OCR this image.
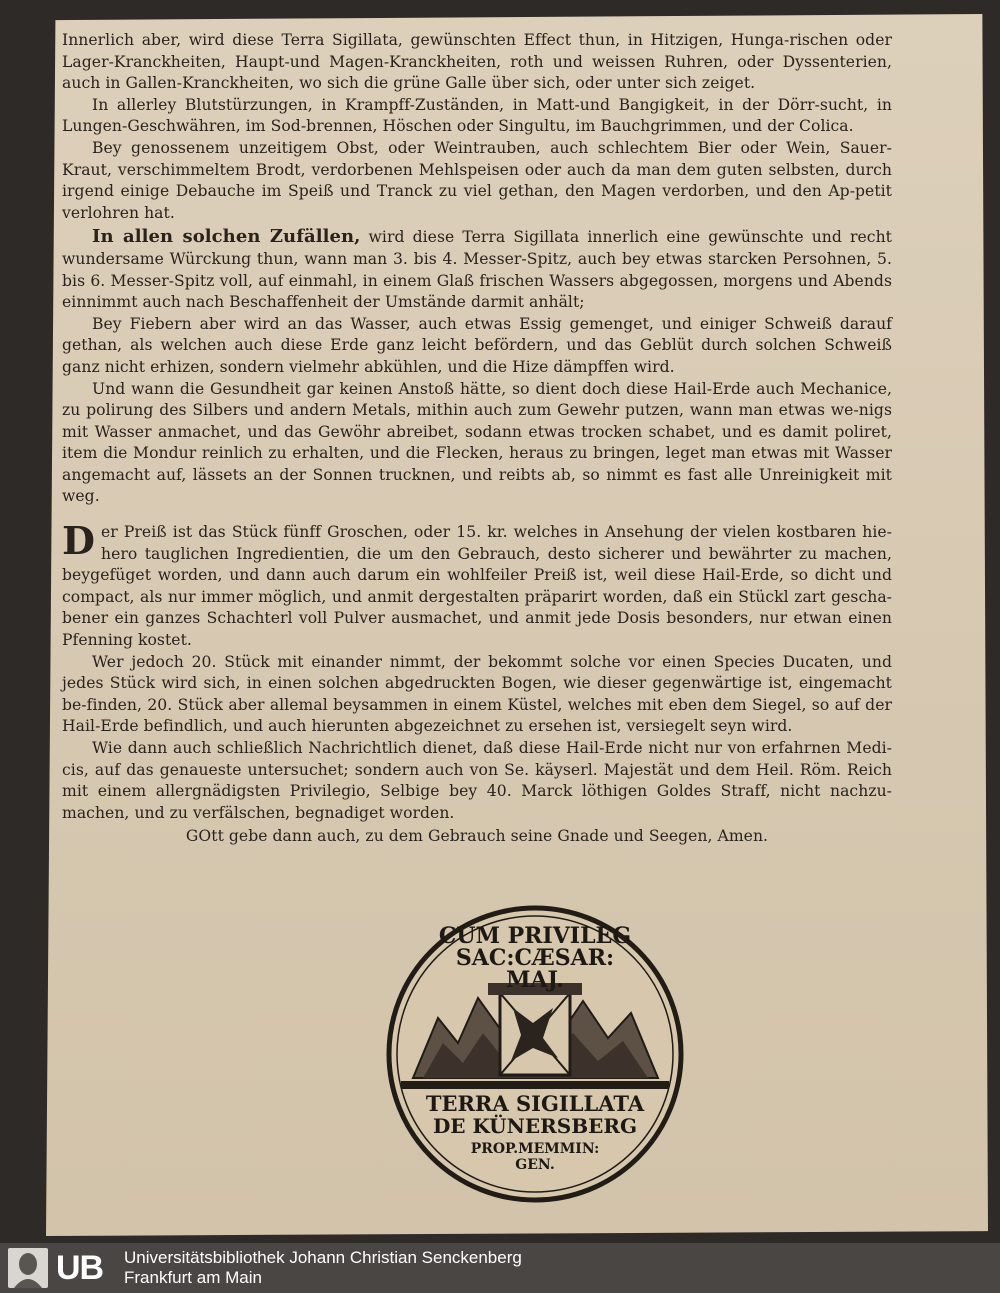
Innerlich aber, wird diese Terra Sigillata, gewünschten Effect thun, in Hitzigen, Hunga-rischen oder Lager-Kranckheiten, Haupt-und Magen-Kranckheiten, roth und weissen Ruhren, oder Dyssenterien, auch in Gallen-Kranckheiten, wo sich die grüne Galle über sich, oder unter sich zeiget.

In allerley Blutstürzungen, in Krampff-Zuständen, in Matt-und Bangigkeit, in der Dörr-sucht, in Lungen-Geschwähren, im Sod-brennen, Höschen oder Singultu, im Bauchgrimmen, und der Colica.

Bey genossenem unzeitigem Obst, oder Weintrauben, auch schlechtem Bier oder Wein, Sauer-Kraut, verschimmeltem Brodt, verdorbenen Mehlspeisen oder auch da man dem guten selbsten, durch irgend einige Debauche im Speiß und Tranck zu viel gethan, den Magen verdorben, und den Ap-petit verlohren hat.

In allen solchen Zufällen, wird diese Terra Sigillata innerlich eine gewünschte und recht wundersame Würckung thun, wann man 3. bis 4. Messer-Spitz, auch bey etwas starcken Persohnen, 5. bis 6. Messer-Spitz voll, auf einmahl, in einem Glaß frischen Wassers abgegossen, morgens und Abends einnimmt auch nach Beschaffenheit der Umstände darmit anhält;

Bey Fiebern aber wird an das Wasser, auch etwas Essig gemenget, und einiger Schweiß darauf gethan, als welchen auch diese Erde ganz leicht befördern, und das Geblüt durch solchen Schweiß ganz nicht erhizen, sondern vielmehr abkühlen, und die Hize dämpffen wird.

Und wann die Gesundheit gar keinen Anstoß hätte, so dient doch diese Hail-Erde auch Mechanice, zu polirung des Silbers und andern Metals, mithin auch zum Gewehr putzen, wann man etwas we-nigs mit Wasser anmachet, und das Gewöhr abreibet, sodann etwas trocken schabet, und es damit poliret, item die Mondur reinlich zu erhalten, und die Flecken, heraus zu bringen, leget man etwas mit Wasser angemacht auf, lässets an der Sonnen trucknen, und reibts ab, so nimmt es fast alle Unreinigkeit mit weg.

Der Preiß ist das Stück fünff Groschen, oder 15. kr. welches in Ansehung der vielen kostbaren hie-hero tauglichen Ingredientien, die um den Gebrauch, desto sicherer und bewährter zu machen, beygefüget worden, und dann auch darum ein wohlfeiler Preiß ist, weil diese Hail-Erde, so dicht und compact, als nur immer möglich, und anmit dergestalten präparirt worden, daß ein Stückl zart gescha-bener ein ganzes Schachterl voll Pulver ausmachet, und anmit jede Dosis besonders, nur etwan einen Pfenning kostet.

Wer jedoch 20. Stück mit einander nimmt, der bekommt solche vor einen Species Ducaten, und jedes Stück wird sich, in einen solchen abgedruckten Bogen, wie dieser gegenwärtige ist, eingemacht be-finden, 20. Stück aber allemal beysammen in einem Küstel, welches mit eben dem Siegel, so auf der Hail-Erde befindlich, und auch hierunten abgezeichnet zu ersehen ist, versiegelt seyn wird.

Wie dann auch schließlich Nachrichtlich dienet, daß diese Hail-Erde nicht nur von erfahrnen Medi-cis, auf das genaueste untersuchet; sondern auch von Se. käyserl. Majestät und dem Heil. Röm. Reich mit einem allergnädigsten Privilegio, Selbige bey 40. Marck löthigen Goldes Straff, nicht nachzu-machen, und zu verfälschen, begnadiget worden.

GOtt gebe dann auch, zu dem Gebrauch seine Gnade und Seegen, Amen.

CUM PRIVILEG
SAC:CÆSAR:
MAJ.
TERRA SIGILLATA
DE KÜNERSBERG
PROP.MEMMIN:
GEN.
UB Universitätsbibliothek Johann Christian Senckenberg
Frankfurt am Main
